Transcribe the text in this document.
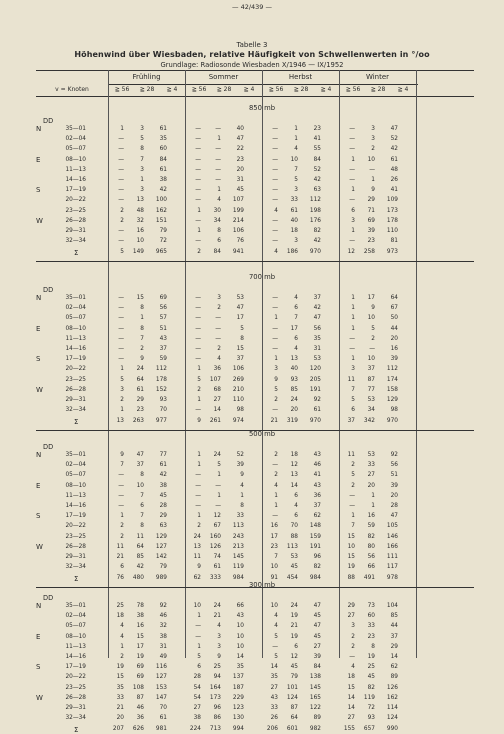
— 42/439 —
Tabelle 3
Höhenwind über Wiesbaden, relative Häufigkeit von Schwellenwerten in °/oo
Grundlage: Radiosonde Wiesbaden X/1946 — IX/1952
Frühling	Sommer	Herbst	Winter
v = Knoten	≧ 56	≧ 28	≧ 4	≧ 56	≧ 28	≧ 4	≧ 56	≧ 28	≧ 4	≧ 56	≧ 28	≧ 4
850 mb
DD
35—01	1	3	61	—	—	40	—	1	23	—	3	47
02—04	—	5	35	—	1	47	—	1	41	—	3	52
05—07	—	8	60	—	—	22	—	4	55	—	2	42
08—10	—	7	84	—	—	23	—	10	84	1	10	61
11—13	—	3	61	—	—	20	—	7	52	—	—	48
14—16	—	1	38	—	—	31	—	5	42	—	1	26
17—19	—	3	42	—	1	45	—	3	63	1	9	41
20—22	—	13	100	—	4	107	—	33	112	—	29	109
23—25	2	48	162	1	30	199	4	61	198	6	71	173
26—28	2	32	151	—	34	214	—	40	176	3	69	178
29—31	—	16	79	1	8	106	—	18	82	1	39	110
32—34	—	10	72	—	6	76	—	3	42	—	23	81
N
E
S
W
Σ	5	149	965	2	84	941	4	186	970	12	258	973
700 mb
DD
35—01	—	15	69	—	3	53	—	4	37	1	17	64
02—04	—	8	56	—	2	47	—	6	42	1	9	67
05—07	—	1	57	—	—	17	1	7	47	1	10	50
08—10	—	8	51	—	—	5	—	17	56	1	5	44
11—13	—	7	43	—	—	8	—	6	35	—	2	20
14—16	—	2	37	—	2	15	—	4	31	—	—	16
17—19	—	9	59	—	4	37	1	13	53	1	10	39
20—22	1	24	112	1	36	106	3	40	120	3	37	112
23—25	5	64	178	5	107	269	9	93	205	11	87	174
26—28	3	61	152	2	68	210	5	85	191	7	77	158
29—31	2	29	93	1	27	110	2	24	92	5	53	129
32—34	1	23	70	—	14	98	—	20	61	6	34	98
N
E
S
W
Σ	13	263	977	9	261	974	21	319	970	37	342	970
500 mb
DD
35—01	9	47	77	1	24	52	2	18	43	11	53	92
02—04	7	37	61	1	5	39	—	12	46	2	33	56
05—07	—	8	42	—	1	9	2	13	41	5	27	51
08—10	—	10	38	—	—	4	4	14	43	2	20	39
11—13	—	7	45	—	1	1	1	6	36	—	1	20
14—16	—	6	28	—	—	8	1	4	37	—	1	28
17—19	1	7	29	1	12	33	—	6	62	1	16	47
20—22	2	8	63	2	67	113	16	70	148	7	59	105
23—25	2	11	129	24	160	243	17	88	159	15	82	146
26—28	11	64	127	13	126	213	23	113	191	10	80	166
29—31	21	85	142	11	74	145	7	53	96	15	56	111
32—34	6	42	79	9	61	119	10	45	82	19	66	117
N
E
S
W
Σ	76	480	989	62	333	984	91	454	984	88	491	978
300 mb
DD
35—01	25	78	92	10	24	66	10	24	47	29	73	104
02—04	18	38	46	1	21	43	4	19	45	27	60	85
05—07	4	16	32	—	4	10	4	21	47	3	33	44
08—10	4	15	38	—	3	10	5	19	45	2	23	37
11—13	1	17	31	1	3	10	—	6	27	2	8	29
14—16	2	19	49	5	9	14	5	12	39	—	19	14
17—19	19	69	116	6	25	35	14	45	84	4	25	62
20—22	15	69	127	28	94	137	35	79	138	18	45	89
23—25	35	108	153	54	164	187	27	101	145	15	82	126
26—28	33	87	147	54	173	229	43	124	165	14	119	162
29—31	21	46	70	27	96	123	33	87	122	14	72	114
32—34	20	36	61	38	86	130	26	64	89	27	93	124
N
E
S
W
Σ	207	626	981	224	713	994	206	601	982	155	657	990
